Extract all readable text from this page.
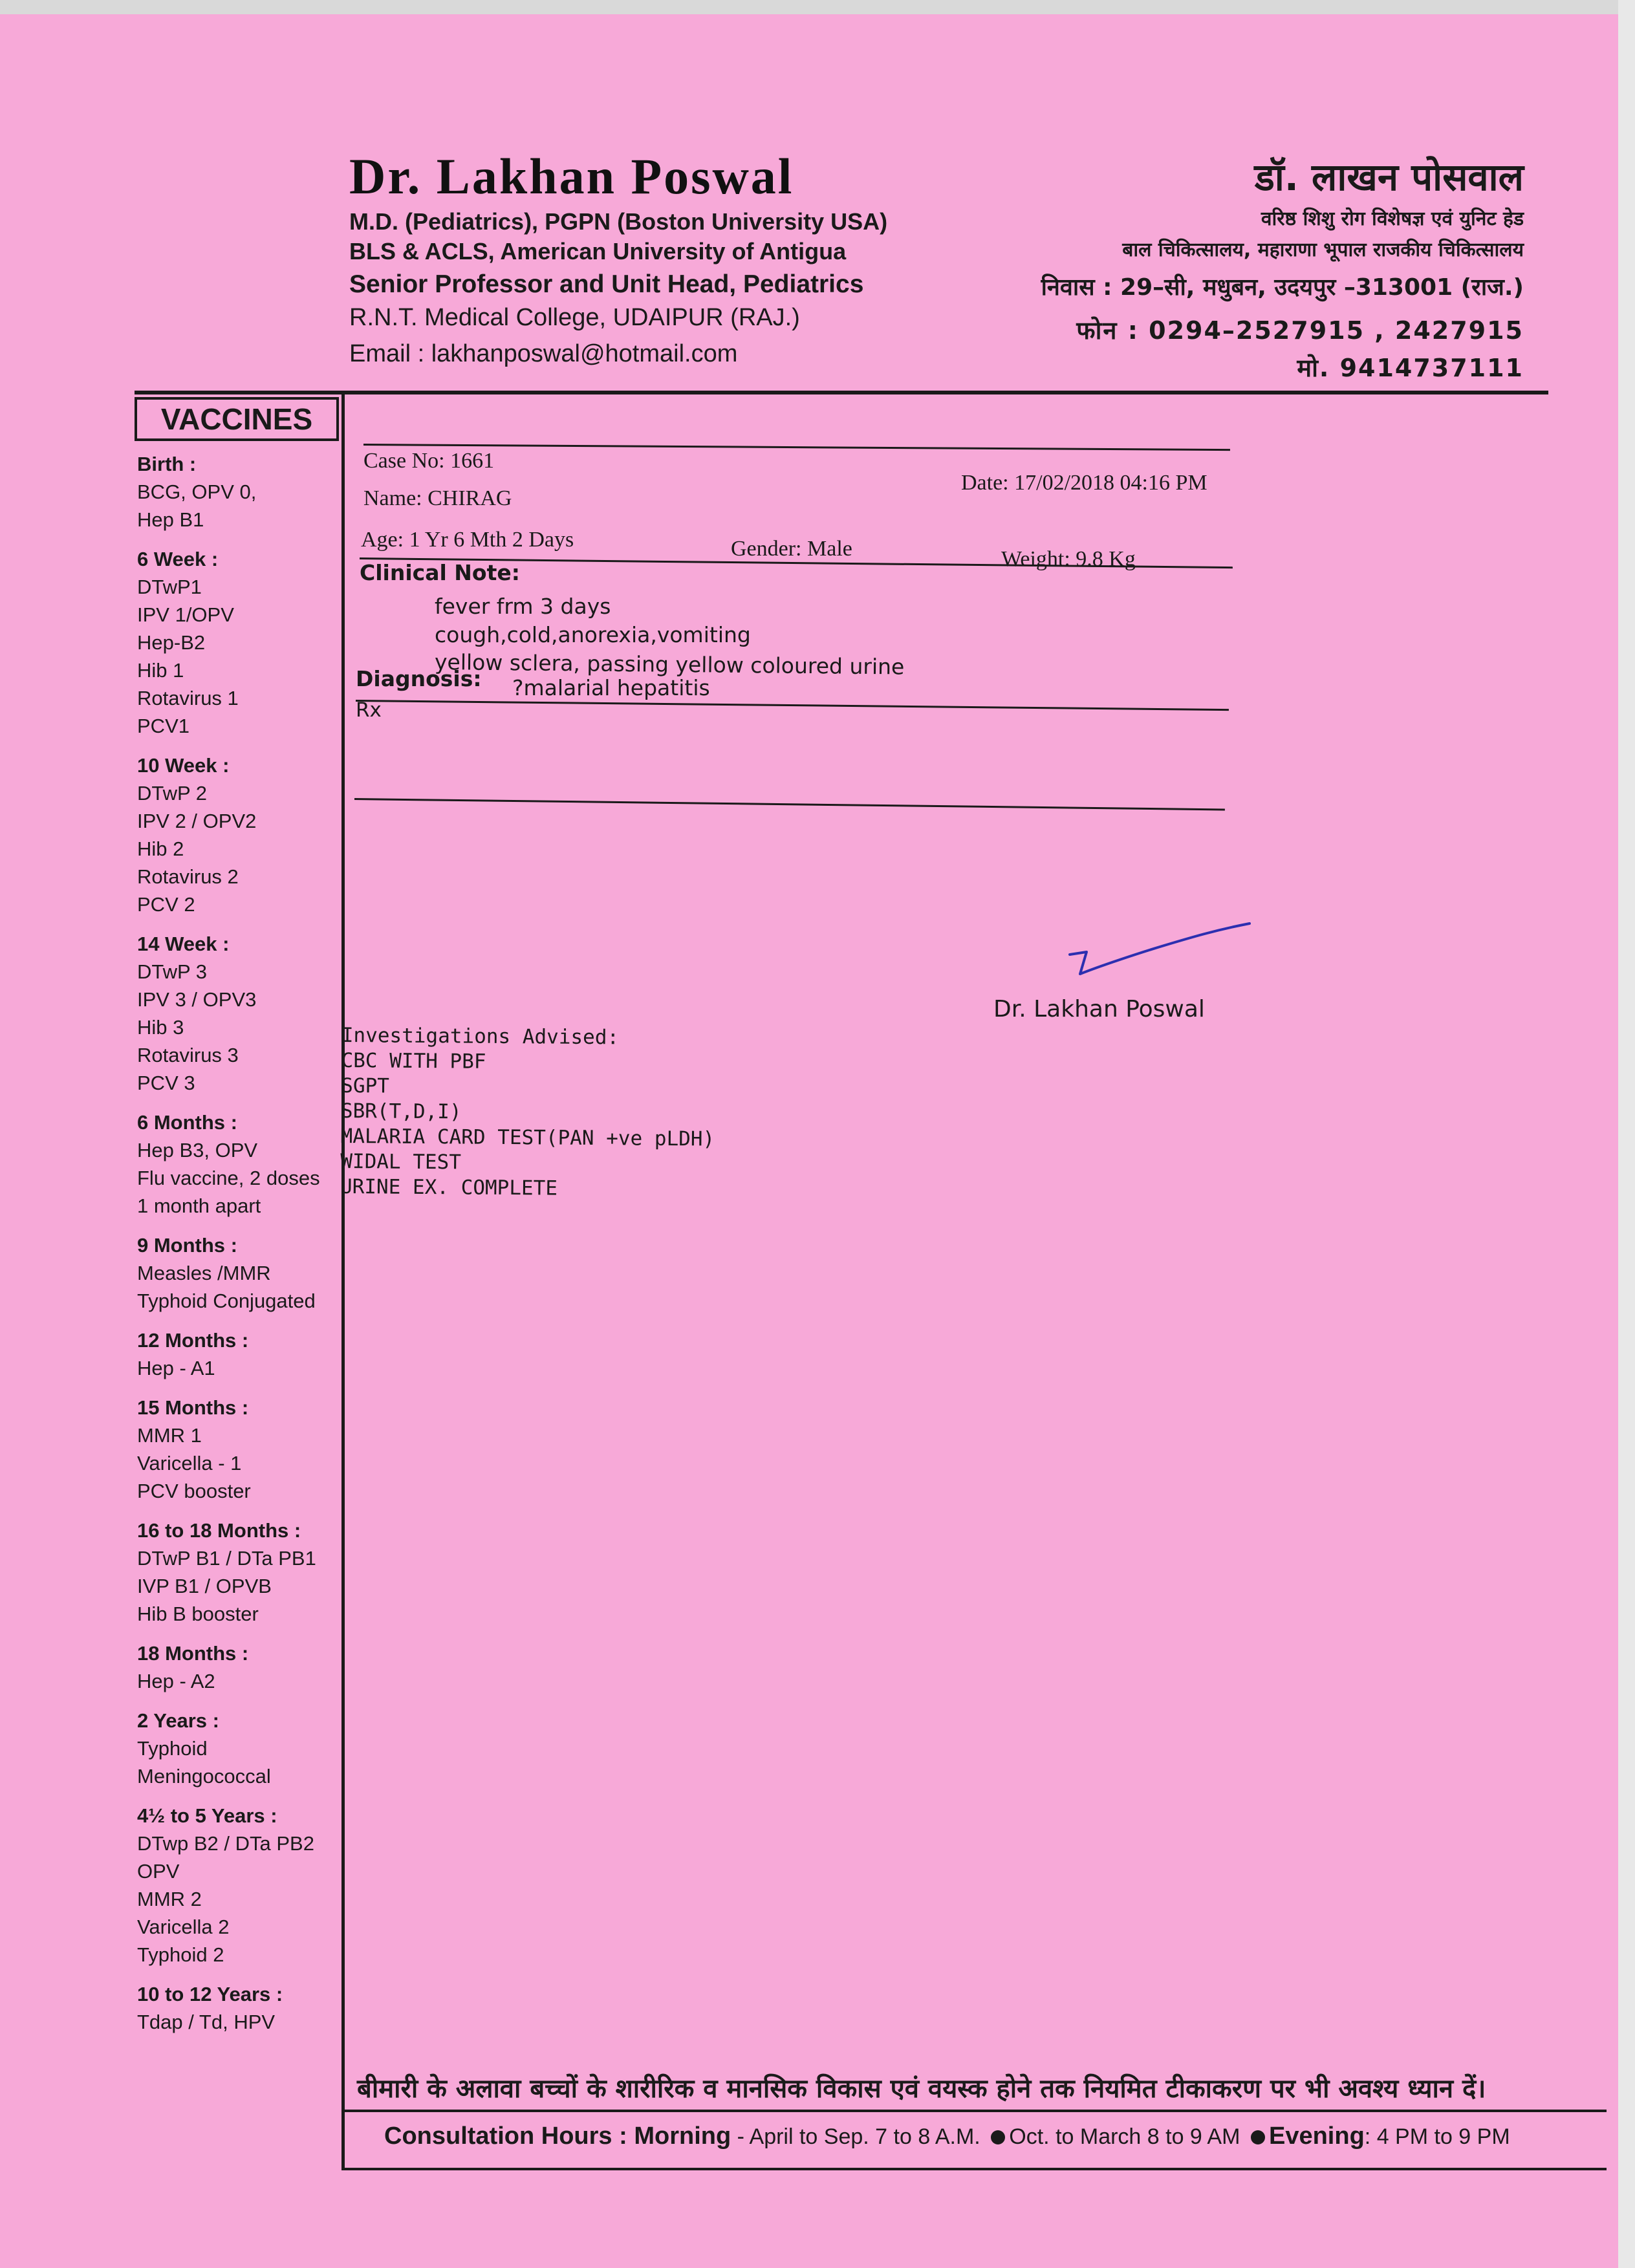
Dr. Lakhan Poswal
M.D. (Pediatrics), PGPN (Boston University USA)
BLS & ACLS, American University of Antigua
Senior Professor and Unit Head, Pediatrics
R.N.T. Medical College, UDAIPUR (RAJ.)
Email : lakhanposwal@hotmail.com
डॉ. लाखन पोसवाल
वरिष्ठ शिशु रोग विशेषज्ञ एवं युनिट हेड
बाल चिकित्सालय, महाराणा भूपाल राजकीय चिकित्सालय
निवास : 29–सी, मधुबन, उदयपुर –313001 (राज.)
फोन : 0294–2527915 , 2427915
मो. 9414737111
VACCINES
Birth :
BCG, OPV 0,
Hep B1
6 Week :
DTwP1
IPV 1/OPV
Hep-B2
Hib 1
Rotavirus 1
PCV1
10 Week :
DTwP 2
IPV 2 / OPV2
Hib 2
Rotavirus 2
PCV 2
14 Week :
DTwP 3
IPV 3 / OPV3
Hib 3
Rotavirus 3
PCV 3
6 Months :
Hep B3, OPV
Flu vaccine, 2 doses
1 month apart
9 Months :
Measles /MMR
Typhoid Conjugated
12 Months :
Hep - A1
15 Months :
MMR 1
Varicella - 1
PCV booster
16 to 18 Months :
DTwP B1 / DTa PB1
IVP B1 / OPVB
Hib B booster
18 Months :
Hep - A2
2 Years :
Typhoid
Meningococcal
4½ to 5 Years :
DTwp B2 / DTa PB2
OPV
MMR 2
Varicella 2
Typhoid 2
10 to 12 Years :
Tdap / Td, HPV
Case No: 1661
Date: 17/02/2018 04:16 PM
Name: CHIRAG
Age: 1 Yr 6 Mth 2 Days	Gender: Male	Weight: 9.8 Kg
Clinical Note:
fever frm 3 days
cough,cold,anorexia,vomiting
yellow sclera, passing yellow coloured urine
Diagnosis: ?malarial hepatitis
Rx
Dr. Lakhan Poswal
Investigations Advised:
CBC WITH PBF
SGPT
SBR(T,D,I)
MALARIA CARD TEST(PAN +ve pLDH)
WIDAL TEST
URINE EX. COMPLETE
बीमारी के अलावा बच्चों के शारीरिक व मानसिक विकास एवं वयस्क होने तक नियमित टीकाकरण पर भी अवश्य ध्यान दें।
Consultation Hours : Morning - April to Sep. 7 to 8 A.M. Oct. to March 8 to 9 AM Evening: 4 PM to 9 PM
